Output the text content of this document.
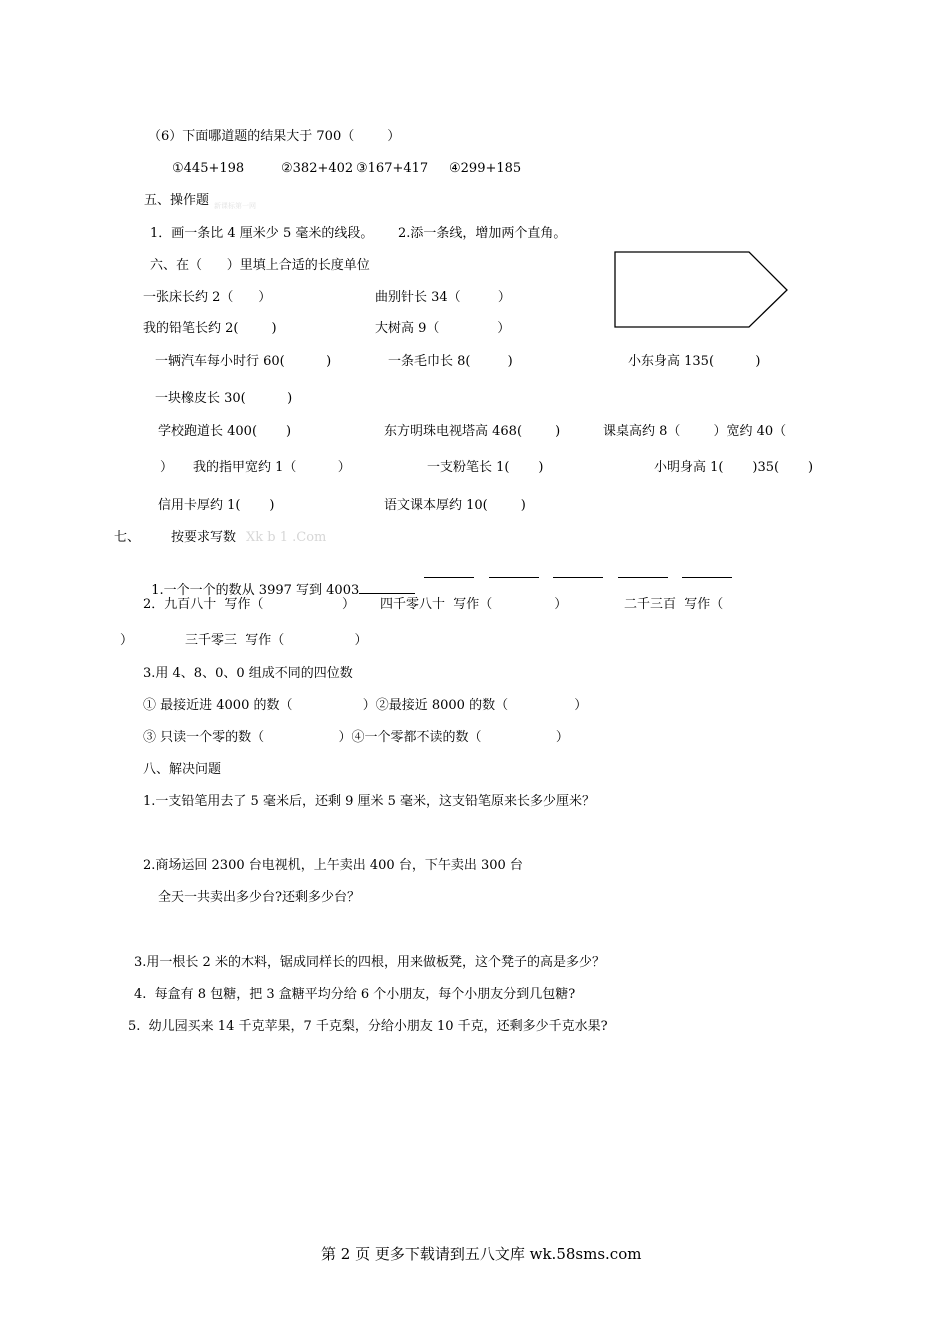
（6）下面哪道题的结果大于 700（        ）
①445+198	②382+402 ③167+417 ④299+185
五、操作题 新课标第一网
1．画一条比 4 厘米少 5 毫米的线段。 2.添一条线，增加两个直角。
六、在（      ）里填上合适的长度单位
一张床长约 2（      ）	曲别针长 34（         ）
我的铅笔长约 2(        )	大树高 9（              ）
一辆汽车每小时行 60(          )	一条毛巾长 8(         )	小东身高 135(          )
一块橡皮长 30(          )
学校跑道长 400(       )	东方明珠电视塔高 468(        )	课桌高约 8（        ）宽约 40（
） 我的指甲宽约 1（          ）	一支粉笔长 1(       )	小明身高 1(       )35(       )
信用卡厚约 1(       )	语文课本厚约 10(        )
七、 按要求写数 Xk b 1 .Com

1.一个一个的数从 3997 写到 4003

2．九百八十  写作（                   ） 四千零八十  写作（               ）	二千三百  写作（
）	三千零三  写作（                 ）
3.用 4、8、0、0 组成不同的四位数
① 最接近进 4000 的数（                 ）②最接近 8000 的数（                ）
③ 只读一个零的数（                  ）④一个零都不读的数（                  ）
八、解决问题
1.一支铅笔用去了 5 毫米后，还剩 9 厘米 5 毫米，这支铅笔原来长多少厘米？
2.商场运回 2300 台电视机，上午卖出 400 台，下午卖出 300 台
全天一共卖出多少台?还剩多少台？
3.用一根长 2 米的木料，锯成同样长的四根，用来做板凳，这个凳子的高是多少？
4.  每盒有 8 包糖，把 3 盒糖平均分给 6 个小朋友，每个小朋友分到几包糖?
5.  幼儿园买来 14 千克苹果，7 千克梨，分给小朋友 10 千克，还剩多少千克水果?
第 2 页 更多下载请到五八文库 wk.58sms.com
